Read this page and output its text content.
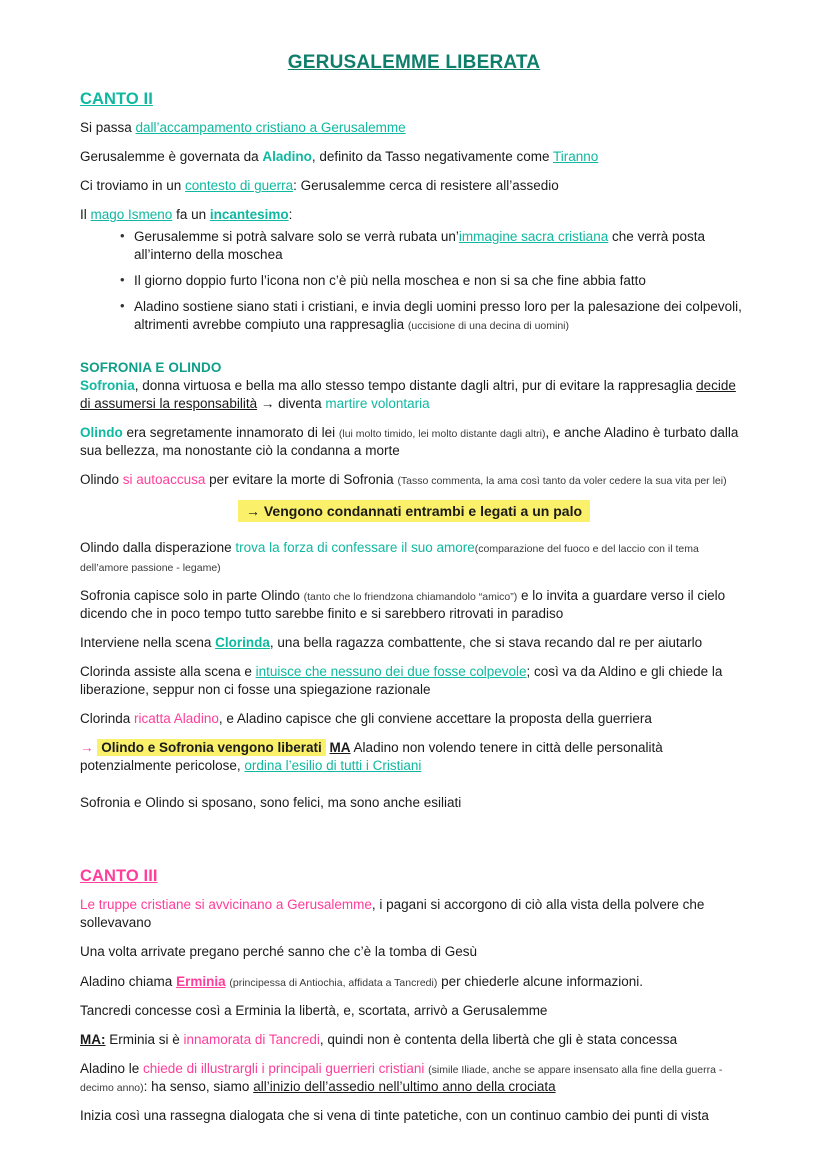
GERUSALEMME LIBERATA
CANTO II

Si passa dall’accampamento cristiano a Gerusalemme

Gerusalemme è governata da Aladino, definito da Tasso negativamente come Tiranno

Ci troviamo in un contesto di guerra: Gerusalemme cerca di resistere all’assedio

Il mago Ismeno fa un incantesimo:

• Gerusalemme si potrà salvare solo se verrà rubata un’immagine sacra cristiana che verrà posta all’interno della moschea
• Il giorno doppio furto l’icona non c’è più nella moschea e non si sa che fine abbia fatto
• Aladino sostiene siano stati i cristiani, e invia degli uomini presso loro per la palesazione dei colpevoli, altrimenti avrebbe compiuto una rappresaglia (uccisione di una decina di uomini)
SOFRONIA E OLINDO

Sofronia, donna virtuosa e bella ma allo stesso tempo distante dagli altri, pur di evitare la rappresaglia decide di assumersi la responsabilità → diventa martire volontaria

Olindo era segretamente innamorato di lei (lui molto timido, lei molto distante dagli altri), e anche Aladino è turbato dalla sua bellezza, ma nonostante ciò la condanna a morte

Olindo si autoaccusa per evitare la morte di Sofronia (Tasso commenta, la ama così tanto da voler cedere la sua vita per lei)

→ Vengono condannati entrambi e legati a un palo

Olindo dalla disperazione trova la forza di confessare il suo amore(comparazione del fuoco e del laccio con il tema dell’amore passione - legame)

Sofronia capisce solo in parte Olindo (tanto che lo friendzona chiamandolo “amico”) e lo invita a guardare verso il cielo dicendo che in poco tempo tutto sarebbe finito e si sarebbero ritrovati in paradiso

Interviene nella scena Clorinda, una bella ragazza combattente, che si stava recando dal re per aiutarlo

Clorinda assiste alla scena e intuisce che nessuno dei due fosse colpevole; così va da Aldino e gli chiede la liberazione, seppur non ci fosse una spiegazione razionale

Clorinda ricatta Aladino, e Aladino capisce che gli conviene accettare la proposta della guerriera

→ Olindo e Sofronia vengono liberati MA Aladino non volendo tenere in città delle personalità potenzialmente pericolose, ordina l’esilio di tutti i Cristiani

Sofronia e Olindo si sposano, sono felici, ma sono anche esiliati

CANTO III

Le truppe cristiane si avvicinano a Gerusalemme, i pagani si accorgono di ciò alla vista della polvere che sollevavano

Una volta arrivate pregano perché sanno che c’è la tomba di Gesù

Aladino chiama Erminia (principessa di Antiochia, affidata a Tancredi) per chiederle alcune informazioni.

Tancredi concesse così a Erminia la libertà, e, scortata, arrivò a Gerusalemme

MA: Erminia si è innamorata di Tancredi, quindi non è contenta della libertà che gli è stata concessa

Aladino le chiede di illustrargli i principali guerrieri cristiani (simile Iliade, anche se appare insensato alla fine della guerra - decimo anno): ha senso, siamo all’inizio dell’assedio nell’ultimo anno della crociata

Inizia così una rassegna dialogata che si vena di tinte patetiche, con un continuo cambio dei punti di vista
